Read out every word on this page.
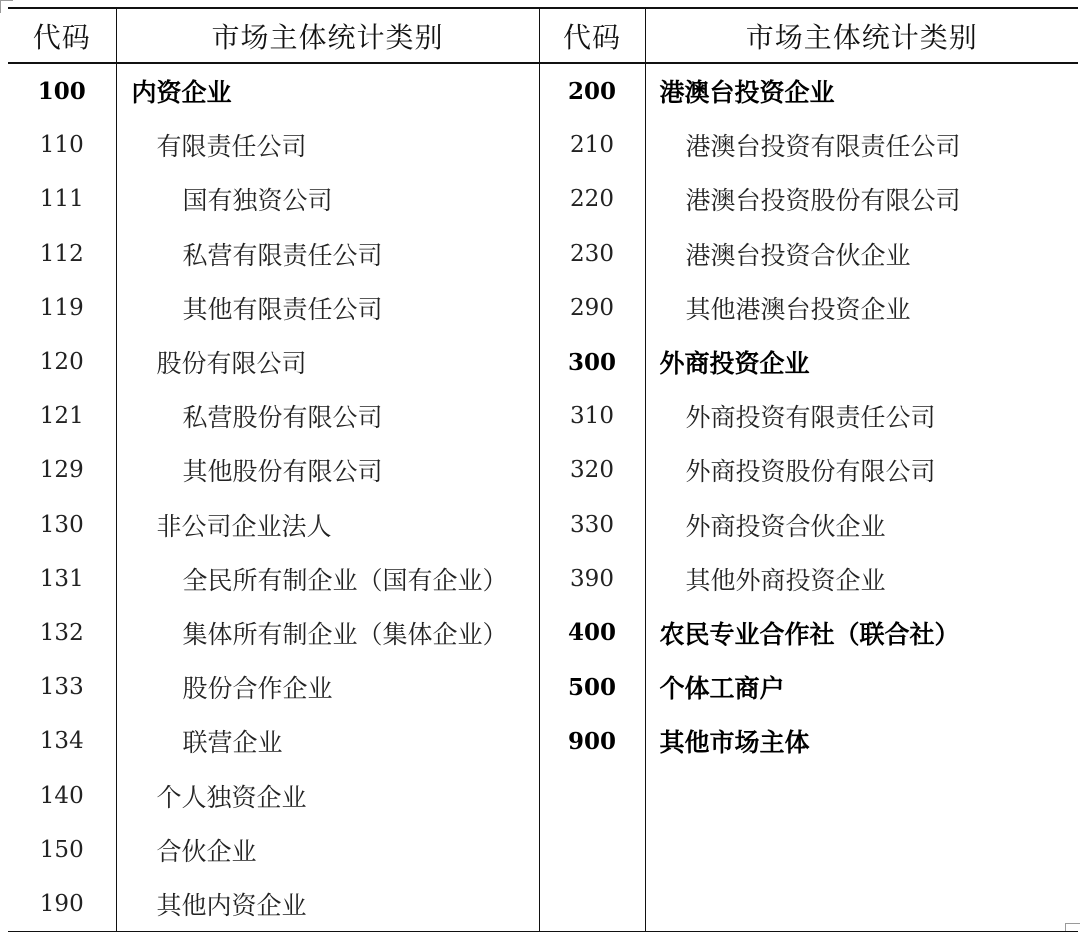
代码	市场主体统计类别	代码	市场主体统计类别
100	内资企业	200	港澳台投资企业
110	有限责任公司	210	港澳台投资有限责任公司
111	国有独资公司	220	港澳台投资股份有限公司
112	私营有限责任公司	230	港澳台投资合伙企业
119	其他有限责任公司	290	其他港澳台投资企业
120	股份有限公司	300	外商投资企业
121	私营股份有限公司	310	外商投资有限责任公司
129	其他股份有限公司	320	外商投资股份有限公司
130	非公司企业法人	330	外商投资合伙企业
131	全民所有制企业（国有企业）	390	其他外商投资企业
132	集体所有制企业（集体企业）	400	农民专业合作社（联合社）
133	股份合作企业	500	个体工商户
134	联营企业	900	其他市场主体
140	个人独资企业		
150	合伙企业		
190	其他内资企业		
